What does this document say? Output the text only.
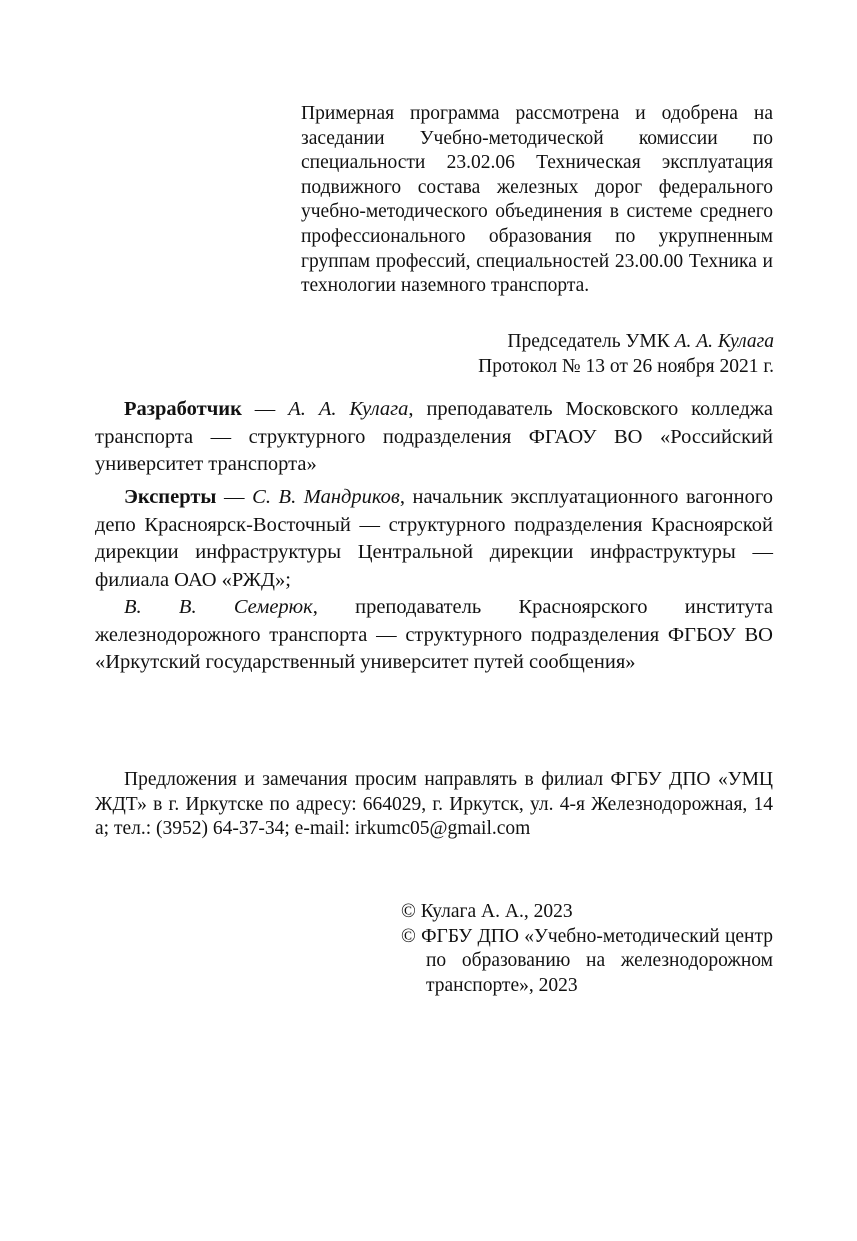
Примерная программа рассмотрена и одобрена на заседании Учебно-методической комиссии по специальности 23.02.06 Техническая эксплуатация подвижного состава железных дорог федерального учебно-методического объединения в системе среднего профессионального образования по укрупненным группам профессий, специальностей 23.00.00 Техника и технологии наземного транспорта.

Председатель УМК А. А. Кулага
Протокол № 13 от 26 ноября 2021 г.

Разработчик — А. А. Кулага, преподаватель Московского колледжа транспорта — структурного подразделения ФГАОУ ВО «Российский университет транспорта»

Эксперты — С. В. Мандриков, начальник эксплуатационного вагонного депо Красноярск-Восточный — структурного подразделения Красноярской дирекции инфраструктуры Центральной дирекции инфраструктуры — филиала ОАО «РЖД»;

В. В. Семерюк, преподаватель Красноярского института железнодорожного транспорта — структурного подразделения ФГБОУ ВО «Иркутский государственный университет путей сообщения»

Предложения и замечания просим направлять в филиал ФГБУ ДПО «УМЦ ЖДТ» в г. Иркутске по адресу: 664029, г. Иркутск, ул. 4-я Железнодорожная, 14 а; тел.: (3952) 64-37-34; e-mail: irkumc05@gmail.com

© Кулага А. А., 2023

© ФГБУ ДПО «Учебно-методический центр по образованию на железнодорожном транспорте», 2023
